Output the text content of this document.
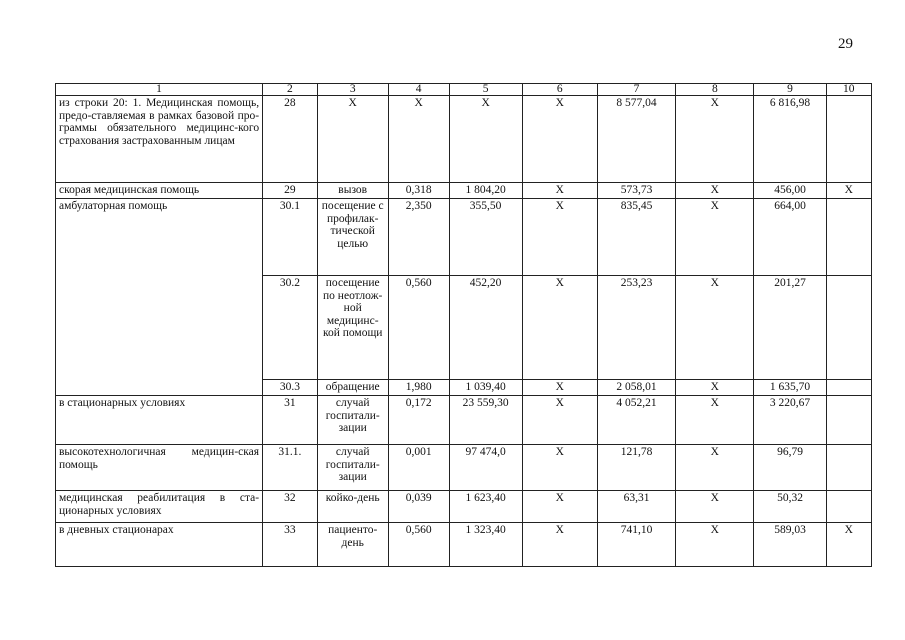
29
1	2	3	4	5	6	7	8	9	10
из строки 20: 1. Медицинская помощь, предо-ставляемая в рамках базовой про-граммы обязательного медицинс-кого страхования застрахованным лицам	28	X	X	X	X	8 577,04	X	6 816,98	
скорая медицинская помощь	29	вызов	0,318	1 804,20	X	573,73	X	456,00	X
амбулаторная помощь	30.1	посещение с профилак-тической целью	2,350	355,50	X	835,45	X	664,00	
	30.2	посещение по неотлож-ной медицинс-кой помощи	0,560	452,20	X	253,23	X	201,27	
	30.3	обращение	1,980	1 039,40	X	2 058,01	X	1 635,70	
в стационарных условиях	31	случай госпитали-зации	0,172	23 559,30	X	4 052,21	X	3 220,67	
высокотехнологичная медицин-ская помощь	31.1.	случай госпитали-зации	0,001	97 474,0	X	121,78	X	96,79	
медицинская реабилитация в ста-ционарных условиях	32	койко-день	0,039	1 623,40	X	63,31	X	50,32	
в дневных стационарах	33	пациенто-день	0,560	1 323,40	X	741,10	X	589,03	X
